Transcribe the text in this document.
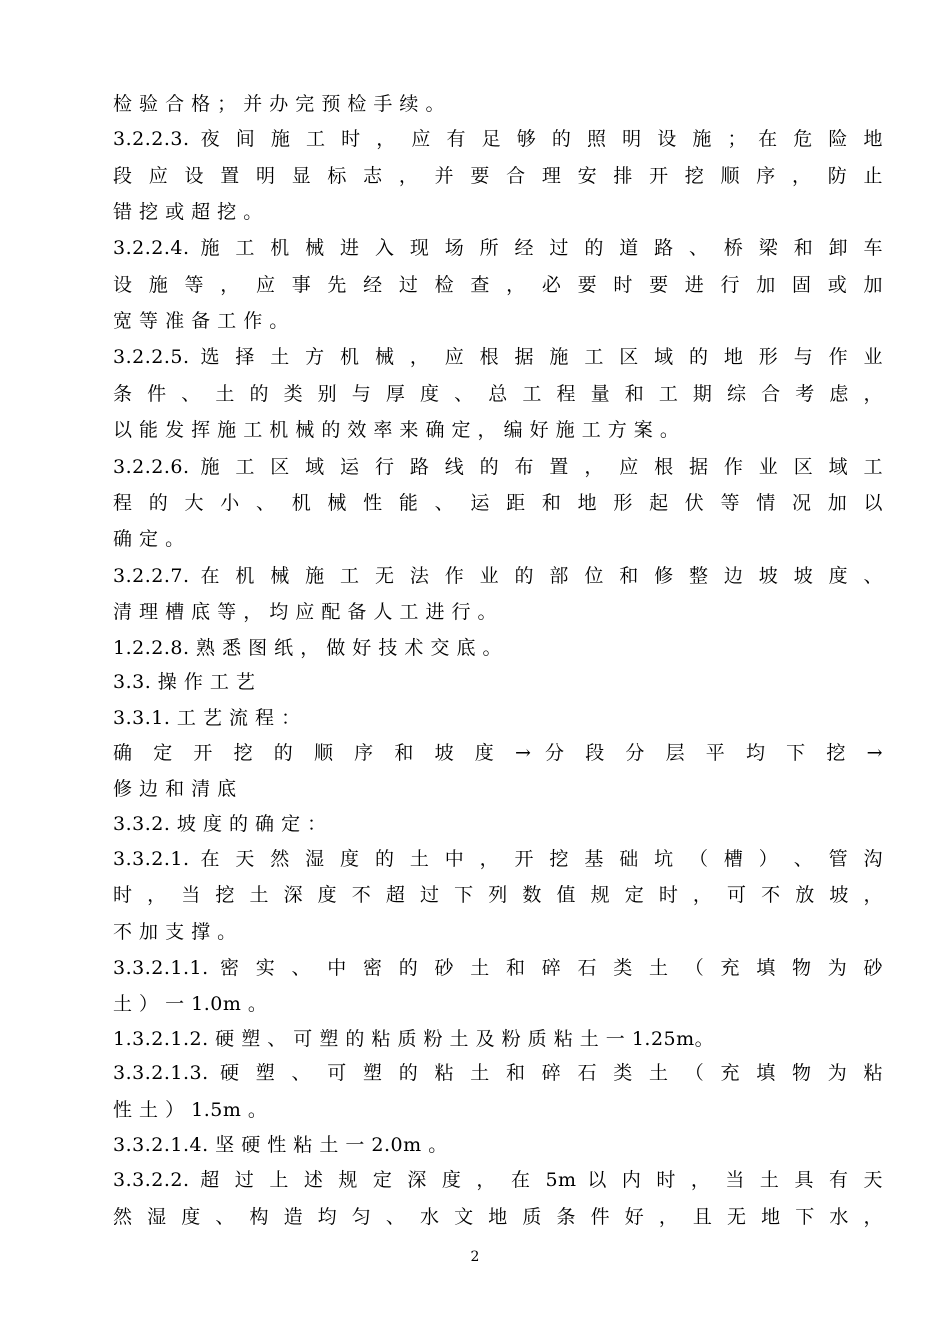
检 验 合 格 ； 并 办 完 预 检 手 续 。
3.2.2.3. 夜 间 施 工 时 ， 应 有 足 够 的 照 明 设 施 ； 在 危 险 地
段 应 设 置 明 显 标 志 ， 并 要 合 理 安 排 开 挖 顺 序 ， 防 止
错 挖 或 超 挖 。
3.2.2.4. 施 工 机 械 进 入 现 场 所 经 过 的 道 路 、 桥 梁 和 卸 车
设 施 等 ， 应 事 先 经 过 检 查 ， 必 要 时 要 进 行 加 固 或 加
宽 等 准 备 工 作 。
3.2.2.5. 选 择 土 方 机 械 ， 应 根 据 施 工 区 域 的 地 形 与 作 业
条 件 、 土 的 类 别 与 厚 度 、 总 工 程 量 和 工 期 综 合 考 虑 ，
以 能 发 挥 施 工 机 械 的 效 率 来 确 定 ， 编 好 施 工 方 案 。
3.2.2.6. 施 工 区 域 运 行 路 线 的 布 置 ， 应 根 据 作 业 区 域 工
程 的 大 小 、 机 械 性 能 、 运 距 和 地 形 起 伏 等 情 况 加 以
确 定 。
3.2.2.7. 在 机 械 施 工 无 法 作 业 的 部 位 和 修 整 边 坡 坡 度 、
清 理 槽 底 等 ， 均 应 配 备 人 工 进 行 。
1.2.2.8. 熟 悉 图 纸 ， 做 好 技 术 交 底 。
3.3. 操 作 工 艺
3.3.1. 工 艺 流 程 ：
确 定 开 挖 的 顺 序 和 坡 度 → 分 段 分 层 平 均 下 挖 →
修 边 和 清 底
3.3.2. 坡 度 的 确 定 ：
3.3.2.1. 在 天 然 湿 度 的 土 中 ， 开 挖 基 础 坑 （ 槽 ） 、 管 沟
时 ， 当 挖 土 深 度 不 超 过 下 列 数 值 规 定 时 ， 可 不 放 坡 ，
不 加 支 撑 。
3.3.2.1.1. 密 实 、 中 密 的 砂 土 和 碎 石 类 土 （ 充 填 物 为 砂
土 ） 一 1.0m 。
1.3.2.1.2. 硬 塑 、 可 塑 的 粘 质 粉 土 及 粉 质 粘 土 一 1.25m。
3.3.2.1.3. 硬 塑 、 可 塑 的 粘 土 和 碎 石 类 土 （ 充 填 物 为 粘
性 土 ） 1.5m 。
3.3.2.1.4. 坚 硬 性 粘 土 一 2.0m 。
3.3.2.2. 超 过 上 述 规 定 深 度 ， 在 5m 以 内 时 ， 当 土 具 有 天
然 湿 度 、 构 造 均 匀 、 水 文 地 质 条 件 好 ， 且 无 地 下 水 ，
2
